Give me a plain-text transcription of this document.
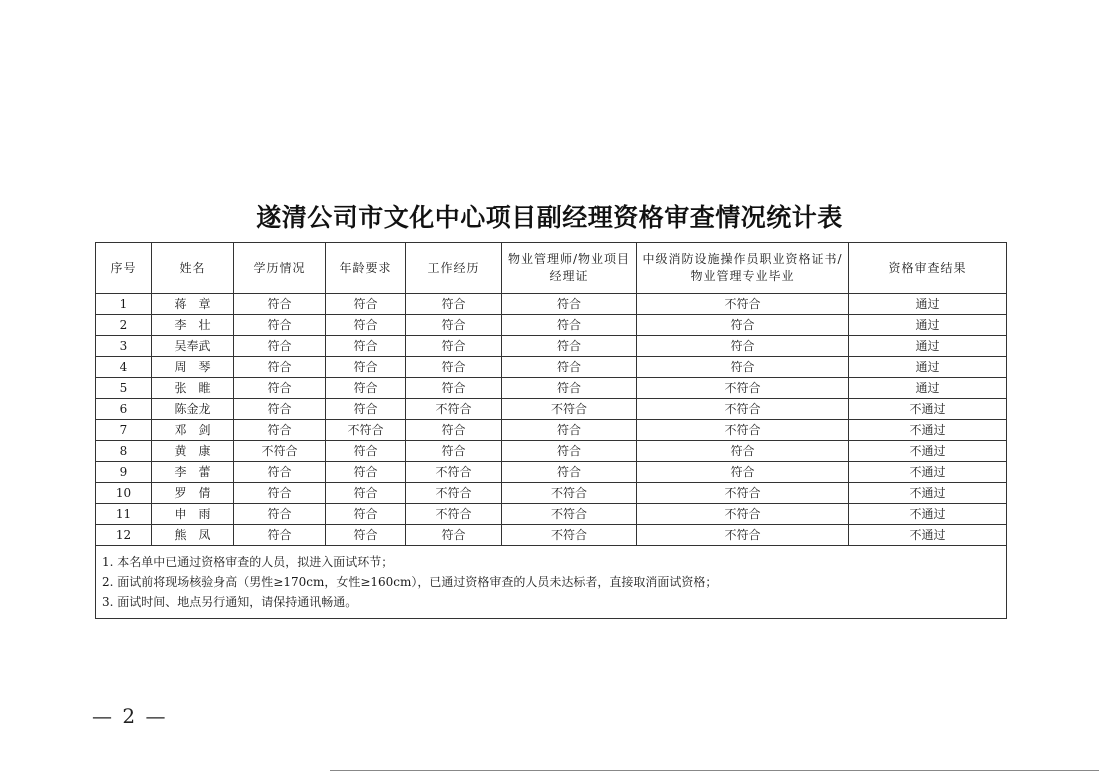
遂清公司市文化中心项目副经理资格审查情况统计表
序号	姓名	学历情况	年龄要求	工作经历	物业管理师/物业项目经理证	中级消防设施操作员职业资格证书/物业管理专业毕业	资格审查结果
1	蒋　章	符合	符合	符合	符合	不符合	通过
2	李　壮	符合	符合	符合	符合	符合	通过
3	吴奉武	符合	符合	符合	符合	符合	通过
4	周　琴	符合	符合	符合	符合	符合	通过
5	张　睢	符合	符合	符合	符合	不符合	通过
6	陈金龙	符合	符合	不符合	不符合	不符合	不通过
7	邓　剑	符合	不符合	符合	符合	不符合	不通过
8	黄　康	不符合	符合	符合	符合	符合	不通过
9	李　蕾	符合	符合	不符合	符合	符合	不通过
10	罗　倩	符合	符合	不符合	不符合	不符合	不通过
11	申　雨	符合	符合	不符合	不符合	不符合	不通过
12	熊　凤	符合	符合	符合	不符合	不符合	不通过

1. 本名单中已通过资格审查的人员，拟进入面试环节；
2. 面试前将现场核验身高（男性≥170cm，女性≥160cm），已通过资格审查的人员未达标者，直接取消面试资格；
3. 面试时间、地点另行通知，请保持通讯畅通。							
— 2 —
